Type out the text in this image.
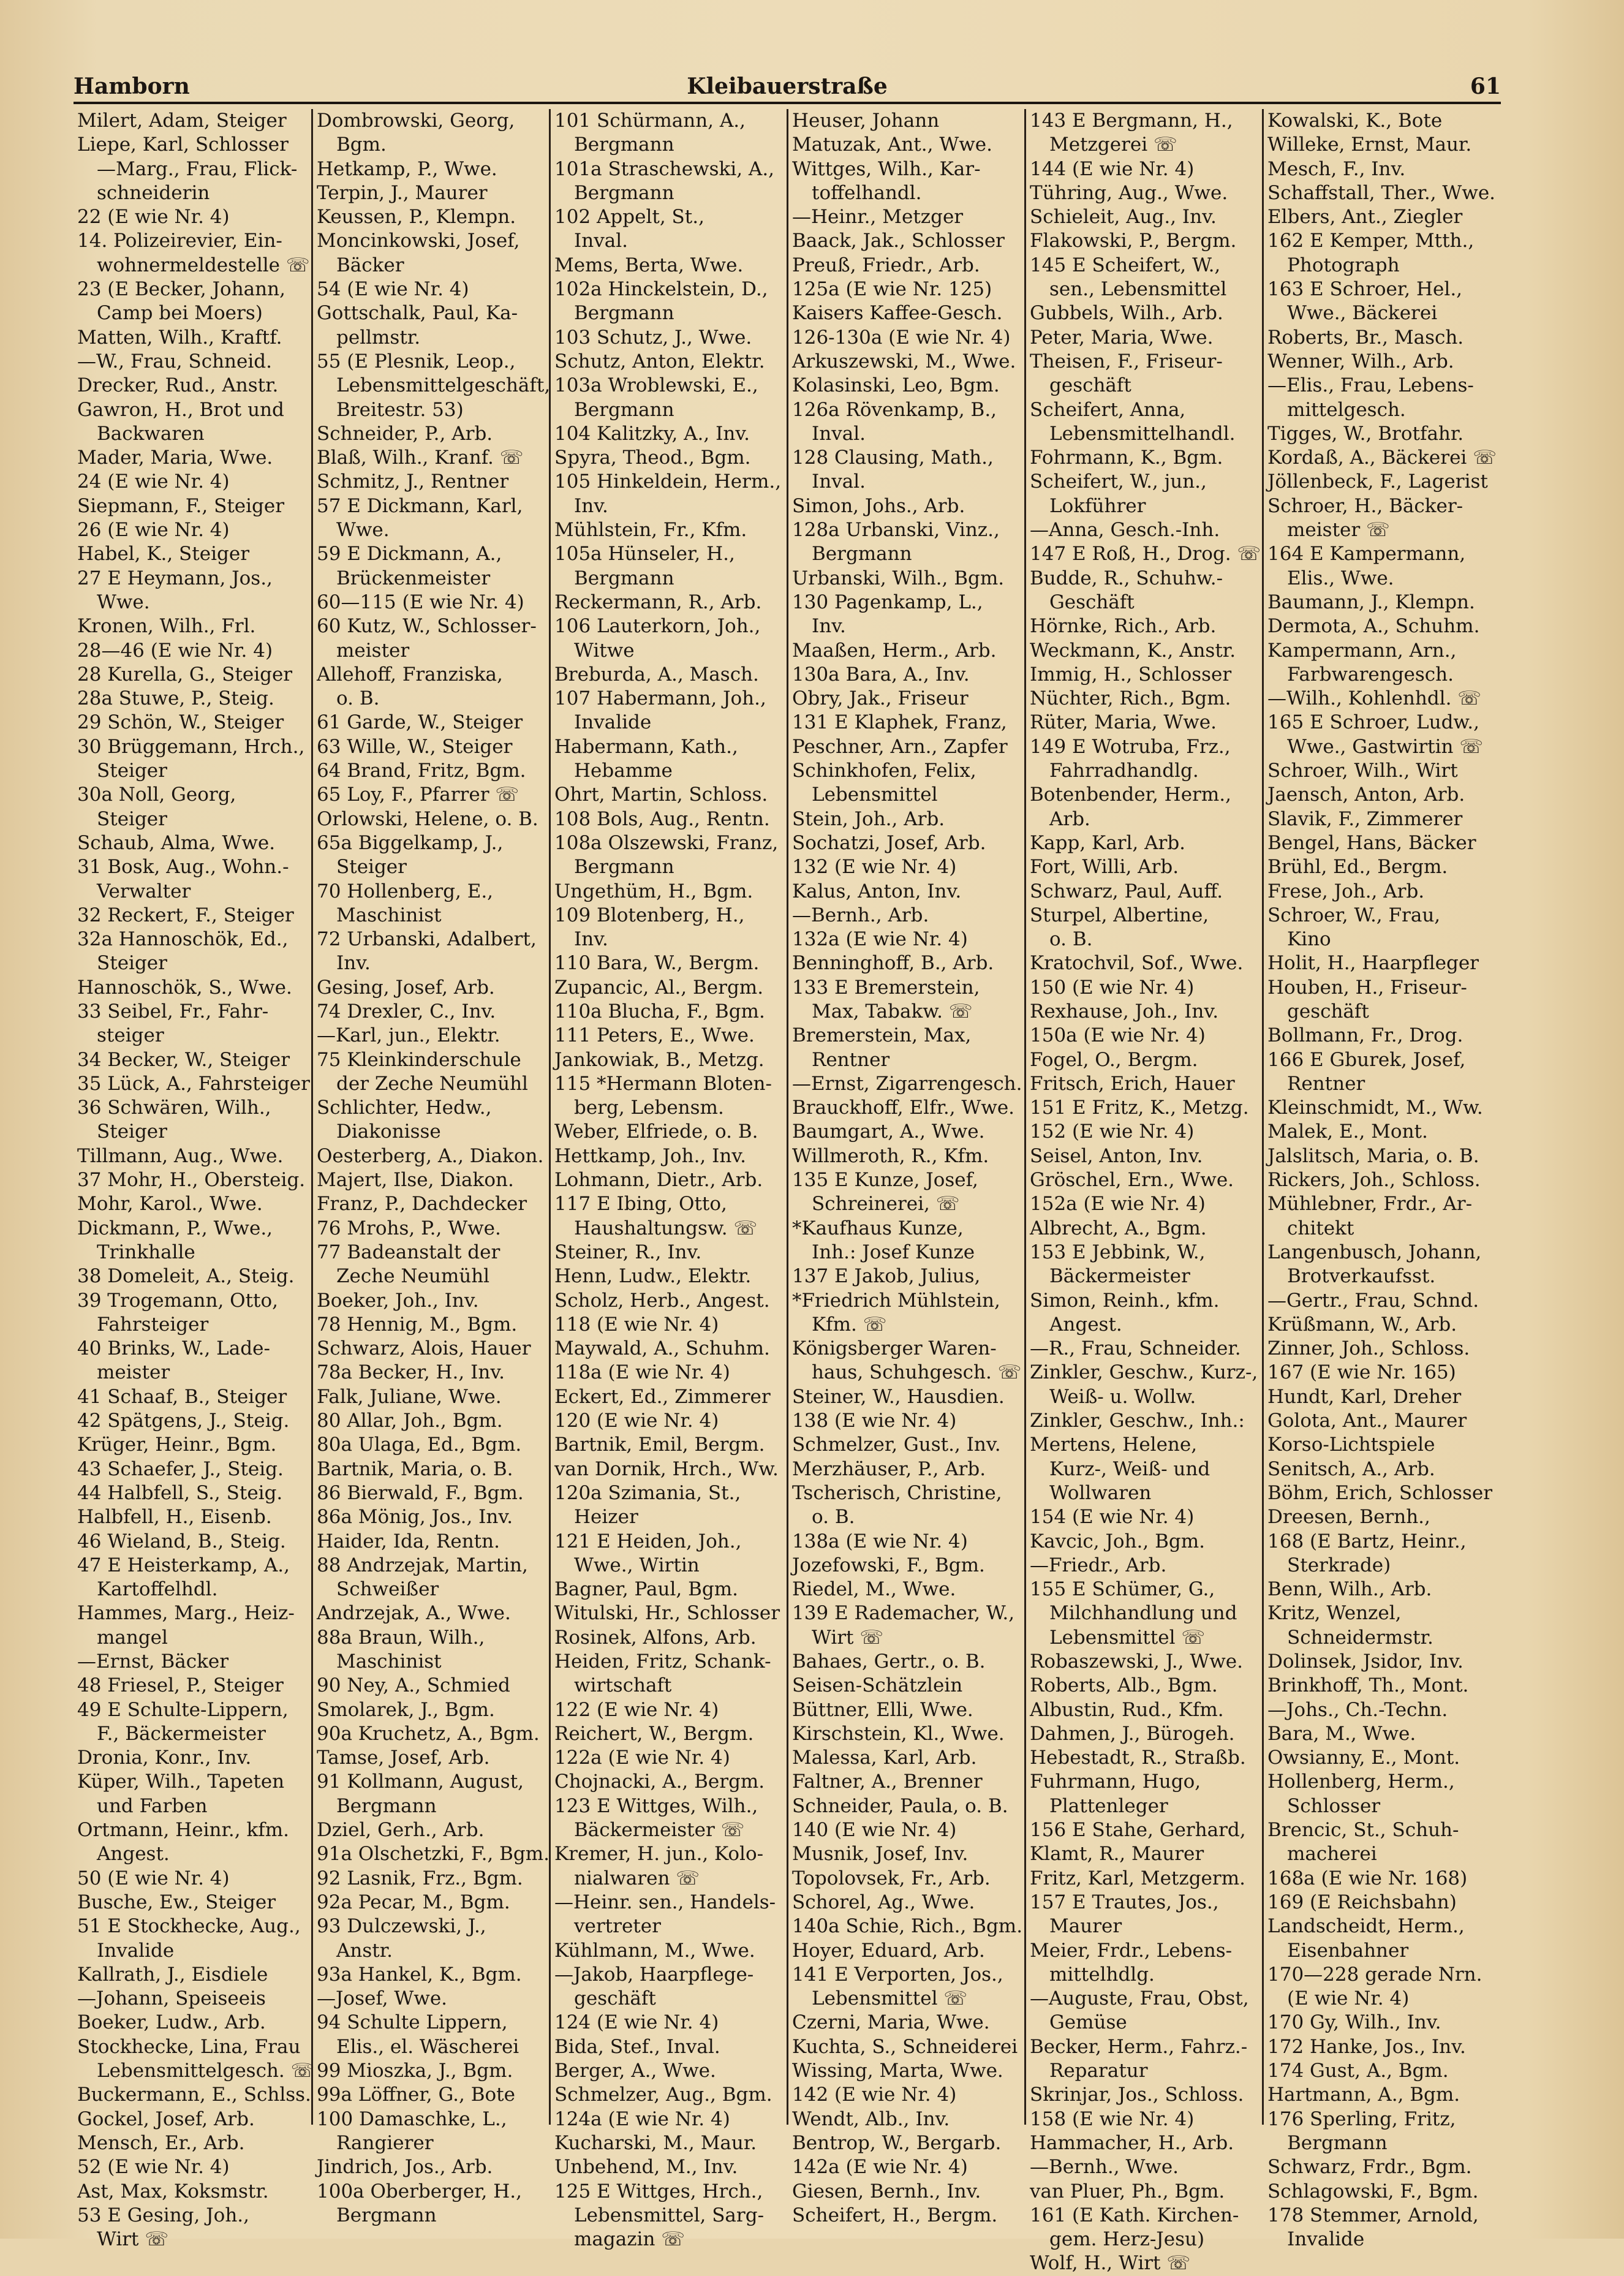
Kleibauerstraße
Hamborn	61
Milert, Adam, Steiger
Liepe, Karl, Schlosser
—Marg., Frau, Flick-
schneiderin
22 (E wie Nr. 4)
14. Polizeirevier, Ein-
wohnermeldestelle ☏
23 (E Becker, Johann,
Camp bei Moers)
Matten, Wilh., Kraftf.
—W., Frau, Schneid.
Drecker, Rud., Anstr.
Gawron, H., Brot und
Backwaren
Mader, Maria, Wwe.
24 (E wie Nr. 4)
Siepmann, F., Steiger
26 (E wie Nr. 4)
Habel, K., Steiger
27 E Heymann, Jos.,
Wwe.
Kronen, Wilh., Frl.
28—46 (E wie Nr. 4)
28 Kurella, G., Steiger
28a Stuwe, P., Steig.
29 Schön, W., Steiger
30 Brüggemann, Hrch.,
Steiger
30a Noll, Georg,
Steiger
Schaub, Alma, Wwe.
31 Bosk, Aug., Wohn.-
Verwalter
32 Reckert, F., Steiger
32a Hannoschök, Ed.,
Steiger
Hannoschök, S., Wwe.
33 Seibel, Fr., Fahr-
steiger
34 Becker, W., Steiger
35 Lück, A., Fahrsteiger
36 Schwären, Wilh.,
Steiger
Tillmann, Aug., Wwe.
37 Mohr, H., Obersteig.
Mohr, Karol., Wwe.
Dickmann, P., Wwe.,
Trinkhalle
38 Domeleit, A., Steig.
39 Trogemann, Otto,
Fahrsteiger
40 Brinks, W., Lade-
meister
41 Schaaf, B., Steiger
42 Spätgens, J., Steig.
Krüger, Heinr., Bgm.
43 Schaefer, J., Steig.
44 Halbfell, S., Steig.
Halbfell, H., Eisenb.
46 Wieland, B., Steig.
47 E Heisterkamp, A.,
Kartoffelhdl.
Hammes, Marg., Heiz-
mangel
—Ernst, Bäcker
48 Friesel, P., Steiger
49 E Schulte-Lippern,
F., Bäckermeister
Dronia, Konr., Inv.
Küper, Wilh., Tapeten
und Farben
Ortmann, Heinr., kfm.
Angest.
50 (E wie Nr. 4)
Busche, Ew., Steiger
51 E Stockhecke, Aug.,
Invalide
Kallrath, J., Eisdiele
—Johann, Speiseeis
Boeker, Ludw., Arb.
Stockhecke, Lina, Frau
Lebensmittelgesch. ☏
Buckermann, E., Schlss.
Gockel, Josef, Arb.
Mensch, Er., Arb.
52 (E wie Nr. 4)
Ast, Max, Koksmstr.
53 E Gesing, Joh.,
Wirt ☏
Dombrowski, Georg,
Bgm.
Hetkamp, P., Wwe.
Terpin, J., Maurer
Keussen, P., Klempn.
Moncinkowski, Josef,
Bäcker
54 (E wie Nr. 4)
Gottschalk, Paul, Ka-
pellmstr.
55 (E Plesnik, Leop.,
Lebensmittelgeschäft,
Breitestr. 53)
Schneider, P., Arb.
Blaß, Wilh., Kranf. ☏
Schmitz, J., Rentner
57 E Dickmann, Karl,
Wwe.
59 E Dickmann, A.,
Brückenmeister
60—115 (E wie Nr. 4)
60 Kutz, W., Schlosser-
meister
Allehoff, Franziska,
o. B.
61 Garde, W., Steiger
63 Wille, W., Steiger
64 Brand, Fritz, Bgm.
65 Loy, F., Pfarrer ☏
Orlowski, Helene, o. B.
65a Biggelkamp, J.,
Steiger
70 Hollenberg, E.,
Maschinist
72 Urbanski, Adalbert,
Inv.
Gesing, Josef, Arb.
74 Drexler, C., Inv.
—Karl, jun., Elektr.
75 Kleinkinderschule
der Zeche Neumühl
Schlichter, Hedw.,
Diakonisse
Oesterberg, A., Diakon.
Majert, Ilse, Diakon.
Franz, P., Dachdecker
76 Mrohs, P., Wwe.
77 Badeanstalt der
Zeche Neumühl
Boeker, Joh., Inv.
78 Hennig, M., Bgm.
Schwarz, Alois, Hauer
78a Becker, H., Inv.
Falk, Juliane, Wwe.
80 Allar, Joh., Bgm.
80a Ulaga, Ed., Bgm.
Bartnik, Maria, o. B.
86 Bierwald, F., Bgm.
86a Mönig, Jos., Inv.
Haider, Ida, Rentn.
88 Andrzejak, Martin,
Schweißer
Andrzejak, A., Wwe.
88a Braun, Wilh.,
Maschinist
90 Ney, A., Schmied
Smolarek, J., Bgm.
90a Kruchetz, A., Bgm.
Tamse, Josef, Arb.
91 Kollmann, August,
Bergmann
Dziel, Gerh., Arb.
91a Olschetzki, F., Bgm.
92 Lasnik, Frz., Bgm.
92a Pecar, M., Bgm.
93 Dulczewski, J.,
Anstr.
93a Hankel, K., Bgm.
—Josef, Wwe.
94 Schulte Lippern,
Elis., el. Wäscherei
99 Mioszka, J., Bgm.
99a Löffner, G., Bote
100 Damaschke, L.,
Rangierer
Jindrich, Jos., Arb.
100a Oberberger, H.,
Bergmann
101 Schürmann, A.,
Bergmann
101a Straschewski, A.,
Bergmann
102 Appelt, St.,
Inval.
Mems, Berta, Wwe.
102a Hinckelstein, D.,
Bergmann
103 Schutz, J., Wwe.
Schutz, Anton, Elektr.
103a Wroblewski, E.,
Bergmann
104 Kalitzky, A., Inv.
Spyra, Theod., Bgm.
105 Hinkeldein, Herm.,
Inv.
Mühlstein, Fr., Kfm.
105a Hünseler, H.,
Bergmann
Reckermann, R., Arb.
106 Lauterkorn, Joh.,
Witwe
Breburda, A., Masch.
107 Habermann, Joh.,
Invalide
Habermann, Kath.,
Hebamme
Ohrt, Martin, Schloss.
108 Bols, Aug., Rentn.
108a Olszewski, Franz,
Bergmann
Ungethüm, H., Bgm.
109 Blotenberg, H.,
Inv.
110 Bara, W., Bergm.
Zupancic, Al., Bergm.
110a Blucha, F., Bgm.
111 Peters, E., Wwe.
Jankowiak, B., Metzg.
115 *Hermann Bloten-
berg, Lebensm.
Weber, Elfriede, o. B.
Hettkamp, Joh., Inv.
Lohmann, Dietr., Arb.
117 E Ibing, Otto,
Haushaltungsw. ☏
Steiner, R., Inv.
Henn, Ludw., Elektr.
Scholz, Herb., Angest.
118 (E wie Nr. 4)
Maywald, A., Schuhm.
118a (E wie Nr. 4)
Eckert, Ed., Zimmerer
120 (E wie Nr. 4)
Bartnik, Emil, Bergm.
van Dornik, Hrch., Ww.
120a Szimania, St.,
Heizer
121 E Heiden, Joh.,
Wwe., Wirtin
Bagner, Paul, Bgm.
Witulski, Hr., Schlosser
Rosinek, Alfons, Arb.
Heiden, Fritz, Schank-
wirtschaft
122 (E wie Nr. 4)
Reichert, W., Bergm.
122a (E wie Nr. 4)
Chojnacki, A., Bergm.
123 E Wittges, Wilh.,
Bäckermeister ☏
Kremer, H. jun., Kolo-
nialwaren ☏
—Heinr. sen., Handels-
vertreter
Kühlmann, M., Wwe.
—Jakob, Haarpflege-
geschäft
124 (E wie Nr. 4)
Bida, Stef., Inval.
Berger, A., Wwe.
Schmelzer, Aug., Bgm.
124a (E wie Nr. 4)
Kucharski, M., Maur.
Unbehend, M., Inv.
125 E Wittges, Hrch.,
Lebensmittel, Sarg-
magazin ☏
Heuser, Johann
Matuzak, Ant., Wwe.
Wittges, Wilh., Kar-
toffelhandl.
—Heinr., Metzger
Baack, Jak., Schlosser
Preuß, Friedr., Arb.
125a (E wie Nr. 125)
Kaisers Kaffee-Gesch.
126-130a (E wie Nr. 4)
Arkuszewski, M., Wwe.
Kolasinski, Leo, Bgm.
126a Rövenkamp, B.,
Inval.
128 Clausing, Math.,
Inval.
Simon, Johs., Arb.
128a Urbanski, Vinz.,
Bergmann
Urbanski, Wilh., Bgm.
130 Pagenkamp, L.,
Inv.
Maaßen, Herm., Arb.
130a Bara, A., Inv.
Obry, Jak., Friseur
131 E Klaphek, Franz,
Peschner, Arn., Zapfer
Schinkhofen, Felix,
Lebensmittel
Stein, Joh., Arb.
Sochatzi, Josef, Arb.
132 (E wie Nr. 4)
Kalus, Anton, Inv.
—Bernh., Arb.
132a (E wie Nr. 4)
Benninghoff, B., Arb.
133 E Bremerstein,
Max, Tabakw. ☏
Bremerstein, Max,
Rentner
—Ernst, Zigarrengesch.
Brauckhoff, Elfr., Wwe.
Baumgart, A., Wwe.
Willmeroth, R., Kfm.
135 E Kunze, Josef,
Schreinerei, ☏
*Kaufhaus Kunze,
Inh.: Josef Kunze
137 E Jakob, Julius,
*Friedrich Mühlstein,
Kfm. ☏
Königsberger Waren-
haus, Schuhgesch. ☏
Steiner, W., Hausdien.
138 (E wie Nr. 4)
Schmelzer, Gust., Inv.
Merzhäuser, P., Arb.
Tscherisch, Christine,
o. B.
138a (E wie Nr. 4)
Jozefowski, F., Bgm.
Riedel, M., Wwe.
139 E Rademacher, W.,
Wirt ☏
Bahaes, Gertr., o. B.
Seisen-Schätzlein
Büttner, Elli, Wwe.
Kirschstein, Kl., Wwe.
Malessa, Karl, Arb.
Faltner, A., Brenner
Schneider, Paula, o. B.
140 (E wie Nr. 4)
Musnik, Josef, Inv.
Topolovsek, Fr., Arb.
Schorel, Ag., Wwe.
140a Schie, Rich., Bgm.
Hoyer, Eduard, Arb.
141 E Verporten, Jos.,
Lebensmittel ☏
Czerni, Maria, Wwe.
Kuchta, S., Schneiderei
Wissing, Marta, Wwe.
142 (E wie Nr. 4)
Wendt, Alb., Inv.
Bentrop, W., Bergarb.
142a (E wie Nr. 4)
Giesen, Bernh., Inv.
Scheifert, H., Bergm.
143 E Bergmann, H.,
Metzgerei ☏
144 (E wie Nr. 4)
Tühring, Aug., Wwe.
Schieleit, Aug., Inv.
Flakowski, P., Bergm.
145 E Scheifert, W.,
sen., Lebensmittel
Gubbels, Wilh., Arb.
Peter, Maria, Wwe.
Theisen, F., Friseur-
geschäft
Scheifert, Anna,
Lebensmittelhandl.
Fohrmann, K., Bgm.
Scheifert, W., jun.,
Lokführer
—Anna, Gesch.-Inh.
147 E Roß, H., Drog. ☏
Budde, R., Schuhw.-
Geschäft
Hörnke, Rich., Arb.
Weckmann, K., Anstr.
Immig, H., Schlosser
Nüchter, Rich., Bgm.
Rüter, Maria, Wwe.
149 E Wotruba, Frz.,
Fahrradhandlg.
Botenbender, Herm.,
Arb.
Kapp, Karl, Arb.
Fort, Willi, Arb.
Schwarz, Paul, Auff.
Sturpel, Albertine,
o. B.
Kratochvil, Sof., Wwe.
150 (E wie Nr. 4)
Rexhause, Joh., Inv.
150a (E wie Nr. 4)
Fogel, O., Bergm.
Fritsch, Erich, Hauer
151 E Fritz, K., Metzg.
152 (E wie Nr. 4)
Seisel, Anton, Inv.
Gröschel, Ern., Wwe.
152a (E wie Nr. 4)
Albrecht, A., Bgm.
153 E Jebbink, W.,
Bäckermeister
Simon, Reinh., kfm.
Angest.
—R., Frau, Schneider.
Zinkler, Geschw., Kurz-,
Weiß- u. Wollw.
Zinkler, Geschw., Inh.:
Mertens, Helene,
Kurz-, Weiß- und
Wollwaren
154 (E wie Nr. 4)
Kavcic, Joh., Bgm.
—Friedr., Arb.
155 E Schümer, G.,
Milchhandlung und
Lebensmittel ☏
Robaszewski, J., Wwe.
Roberts, Alb., Bgm.
Albustin, Rud., Kfm.
Dahmen, J., Bürogeh.
Hebestadt, R., Straßb.
Fuhrmann, Hugo,
Plattenleger
156 E Stahe, Gerhard,
Klamt, R., Maurer
Fritz, Karl, Metzgerm.
157 E Trautes, Jos.,
Maurer
Meier, Frdr., Lebens-
mittelhdlg.
—Auguste, Frau, Obst,
Gemüse
Becker, Herm., Fahrz.-
Reparatur
Skrinjar, Jos., Schloss.
158 (E wie Nr. 4)
Hammacher, H., Arb.
—Bernh., Wwe.
van Pluer, Ph., Bgm.
161 (E Kath. Kirchen-
gem. Herz-Jesu)
Wolf, H., Wirt ☏
Kowalski, K., Bote
Willeke, Ernst, Maur.
Mesch, F., Inv.
Schaffstall, Ther., Wwe.
Elbers, Ant., Ziegler
162 E Kemper, Mtth.,
Photograph
163 E Schroer, Hel.,
Wwe., Bäckerei
Roberts, Br., Masch.
Wenner, Wilh., Arb.
—Elis., Frau, Lebens-
mittelgesch.
Tigges, W., Brotfahr.
Kordaß, A., Bäckerei ☏
Jöllenbeck, F., Lagerist
Schroer, H., Bäcker-
meister ☏
164 E Kampermann,
Elis., Wwe.
Baumann, J., Klempn.
Dermota, A., Schuhm.
Kampermann, Arn.,
Farbwarengesch.
—Wilh., Kohlenhdl. ☏
165 E Schroer, Ludw.,
Wwe., Gastwirtin ☏
Schroer, Wilh., Wirt
Jaensch, Anton, Arb.
Slavik, F., Zimmerer
Bengel, Hans, Bäcker
Brühl, Ed., Bergm.
Frese, Joh., Arb.
Schroer, W., Frau,
Kino
Holit, H., Haarpfleger
Houben, H., Friseur-
geschäft
Bollmann, Fr., Drog.
166 E Gburek, Josef,
Rentner
Kleinschmidt, M., Ww.
Malek, E., Mont.
Jalslitsch, Maria, o. B.
Rickers, Joh., Schloss.
Mühlebner, Frdr., Ar-
chitekt
Langenbusch, Johann,
Brotverkaufsst.
—Gertr., Frau, Schnd.
Krüßmann, W., Arb.
Zinner, Joh., Schloss.
167 (E wie Nr. 165)
Hundt, Karl, Dreher
Golota, Ant., Maurer
Korso-Lichtspiele
Senitsch, A., Arb.
Böhm, Erich, Schlosser
Dreesen, Bernh.,
168 (E Bartz, Heinr.,
Sterkrade)
Benn, Wilh., Arb.
Kritz, Wenzel,
Schneidermstr.
Dolinsek, Jsidor, Inv.
Brinkhoff, Th., Mont.
—Johs., Ch.-Techn.
Bara, M., Wwe.
Owsianny, E., Mont.
Hollenberg, Herm.,
Schlosser
Brencic, St., Schuh-
macherei
168a (E wie Nr. 168)
169 (E Reichsbahn)
Landscheidt, Herm.,
Eisenbahner
170—228 gerade Nrn.
(E wie Nr. 4)
170 Gy, Wilh., Inv.
172 Hanke, Jos., Inv.
174 Gust, A., Bgm.
Hartmann, A., Bgm.
176 Sperling, Fritz,
Bergmann
Schwarz, Frdr., Bgm.
Schlagowski, F., Bgm.
178 Stemmer, Arnold,
Invalide
